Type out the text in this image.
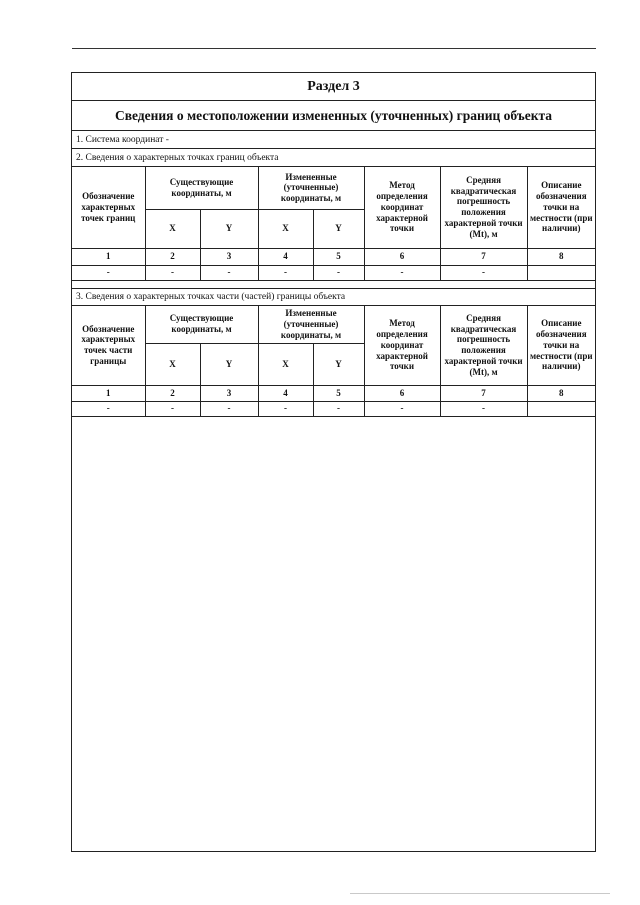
Раздел 3
Сведения о местоположении измененных (уточненных) границ объекта
1. Система координат -
2. Сведения о характерных точках границ объекта
Обозначение характерных точек границ	Существующие координаты, м		Измененные (уточненные) координаты, м		Метод определения координат характерной точки	Средняя квадратическая погрешность положения характерной точки (Mt), м	Описание обозначения точки на местности (при наличии)
	X	Y	X	Y			
1	2	3	4	5	6	7	8
-	-	-	-	-	-	-	
3. Сведения о характерных точках части (частей) границы объекта
Обозначение характерных точек части границы	Существующие координаты, м		Измененные (уточненные) координаты, м		Метод определения координат характерной точки	Средняя квадратическая погрешность положения характерной точки (Mt), м	Описание обозначения точки на местности (при наличии)
	X	Y	X	Y			
1	2	3	4	5	6	7	8
-	-	-	-	-	-	-	
